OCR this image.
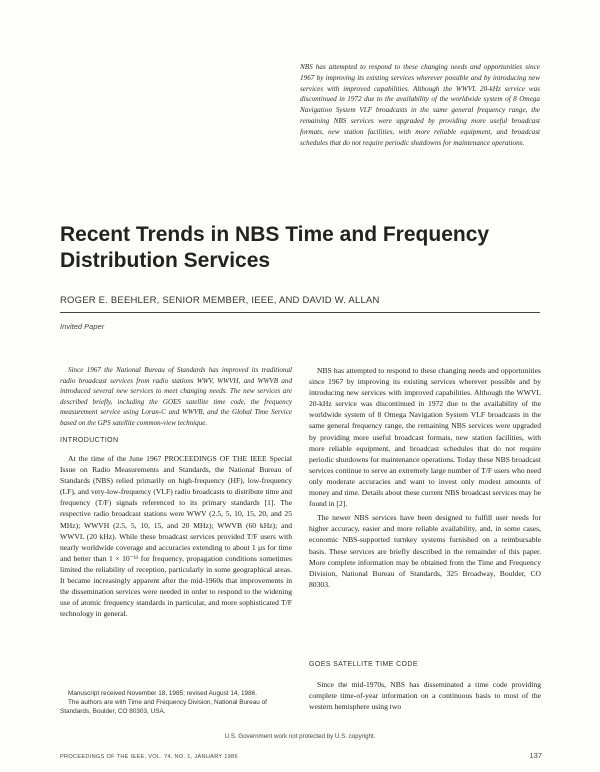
NBS has attempted to respond to these changing needs and opportunities since 1967 by improving its existing services wherever possible and by introducing new services with improved capabilities. Although the WWVL 20-kHz service was discontinued in 1972 due to the availability of the worldwide system of 8 Omega Navigation System VLF broadcasts in the same general frequency range, the remaining NBS services were upgraded by providing more useful broadcast formats, new station facilities, with more reliable equipment, and broadcast schedules that do not require periodic shutdowns for maintenance operations.
Recent Trends in NBS Time and Frequency
Distribution Services
ROGER E. BEEHLER, SENIOR MEMBER, IEEE, AND DAVID W. ALLAN
Invited Paper

Since 1967 the National Bureau of Standards has improved its traditional radio broadcast services from radio stations WWV, WWVH, and WWVB and introduced several new services to meet changing needs. The new services are described briefly, including the GOES satellite time code, the frequency measurement service using Loran-C and WWVB, and the Global Time Service based on the GPS satellite common-view technique.

INTRODUCTION

At the time of the June 1967 PROCEEDINGS OF THE IEEE Special Issue on Radio Measurements and Standards, the National Bureau of Standards (NBS) relied primarily on high-frequency (HF), low-frequency (LF), and very-low-frequency (VLF) radio broadcasts to distribute time and frequency (T/F) signals referenced to its primary standards [1]. The respective radio broadcast stations were WWV (2.5, 5, 10, 15, 20, and 25 MHz); WWVH (2.5, 5, 10, 15, and 20 MHz); WWVB (60 kHz); and WWVL (20 kHz). While these broadcast services provided T/F users with nearly worldwide coverage and accuracies extending to about 1 µs for time and better than 1 × 10⁻¹¹ for frequency, propagation conditions sometimes limited the reliability of reception, particularly in some geographical areas. It became increasingly apparent after the mid-1960s that improvements in the dissemination services were needed in order to respond to the widening use of atomic frequency standards in particular, and more sophisticated T/F technology in general.

Manuscript received November 18, 1985; revised August 14, 1986.

The authors are with Time and Frequency Division, National Bureau of Standards, Boulder, CO 80303, USA.

NBS has attempted to respond to these changing needs and opportunities since 1967 by improving its existing services wherever possible and by introducing new services with improved capabilities. Although the WWVL 20-kHz service was discontinued in 1972 due to the availability of the worldwide system of 8 Omega Navigation System VLF broadcasts in the same general frequency range, the remaining NBS services were upgraded by providing more useful broadcast formats, new station facilities, with more reliable equipment, and broadcast schedules that do not require periodic shutdowns for maintenance operations. Today these NBS broadcast services continue to serve an extremely large number of T/F users who need only moderate accuracies and want to invest only modest amounts of money and time. Details about these current NBS broadcast services may be found in [2].

The newer NBS services have been designed to fulfill user needs for higher accuracy, easier and more reliable availability, and, in some cases, economic NBS-supported turnkey systems furnished on a reimbursable basis. These services are briefly described in the remainder of this paper. More complete information may be obtained from the Time and Frequency Division, National Bureau of Standards, 325 Broadway, Boulder, CO 80303.

GOES SATELLITE TIME CODE

Since the mid-1970s, NBS has disseminated a time code providing complete time-of-year information on a continuous basis to most of the western hemisphere using two

U.S. Government work not protected by U.S. copyright.
PROCEEDINGS OF THE IEEE, VOL. 74, NO. 1, JANUARY 1986	137
